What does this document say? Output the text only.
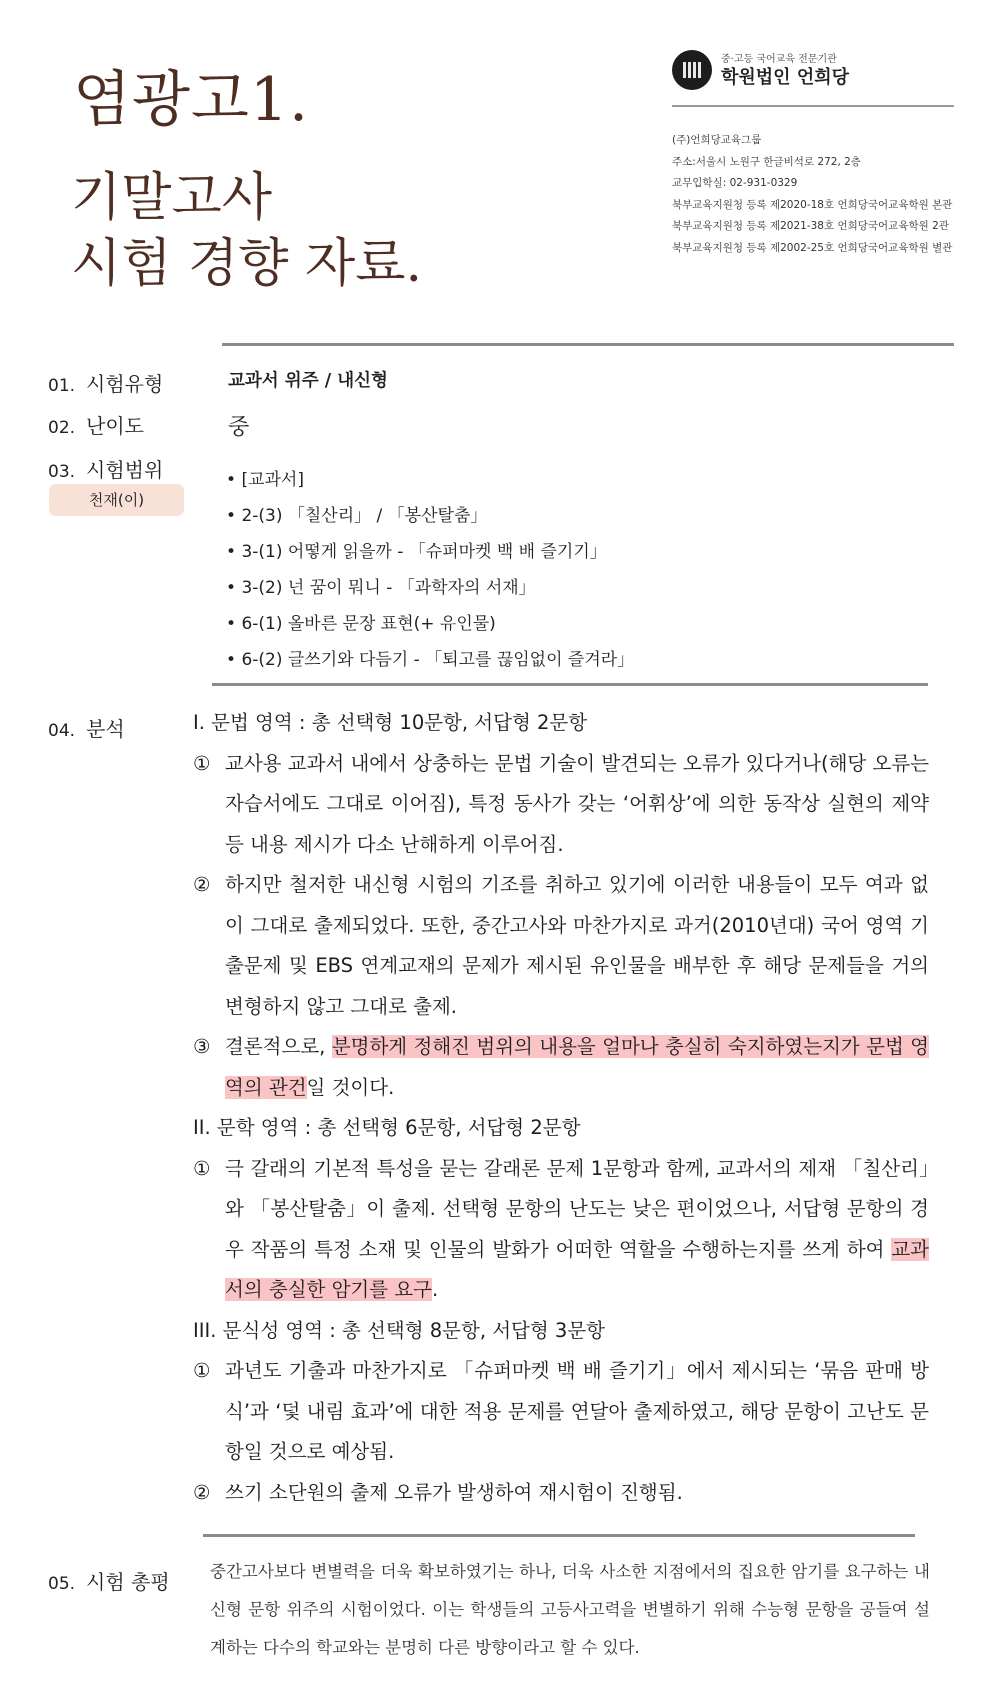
염광고1.
기말고사
시험 경향 자료.
중·고등 국어교육 전문기관
학원법인 언희당
(주)언희당교육그룹
주소:서울시 노원구 한글비석로 272, 2층
교무입학실: 02-931-0329
북부교육지원청 등록 제2020-18호 언희당국어교육학원 본관
북부교육지원청 등록 제2021-38호 언희당국어교육학원 2관
북부교육지원청 등록 제2002-25호 언희당국어교육학원 별관
01. 시험유형	교과서 위주 / 내신형
02. 난이도	중
03. 시험범위
천재(이)
• [교과서]
• 2-(3) 「칠산리」 / 「봉산탈춤」
• 3-(1) 어떻게 읽을까 - 「슈퍼마켓 백 배 즐기기」
• 3-(2) 넌 꿈이 뭐니 - 「과학자의 서재」
• 6-(1) 올바른 문장 표현(+ 유인물)
• 6-(2) 글쓰기와 다듬기 - 「퇴고를 끊임없이 즐겨라」
04. 분석	I. 문법 영역 : 총 선택형 10문항, 서답형 2문항
① 교사용 교과서 내에서 상충하는 문법 기술이 발견되는 오류가 있다거나(해당 오류는 자습서에도 그대로 이어짐), 특정 동사가 갖는 ‘어휘상’에 의한 동작상 실현의 제약 등 내용 제시가 다소 난해하게 이루어짐.
② 하지만 철저한 내신형 시험의 기조를 취하고 있기에 이러한 내용들이 모두 여과 없이 그대로 출제되었다. 또한, 중간고사와 마찬가지로 과거(2010년대) 국어 영역 기출문제 및 EBS 연계교재의 문제가 제시된 유인물을 배부한 후 해당 문제들을 거의 변형하지 않고 그대로 출제.
③ 결론적으로, 분명하게 정해진 범위의 내용을 얼마나 충실히 숙지하였는지가 문법 영역의 관건일 것이다.
II. 문학 영역 : 총 선택형 6문항, 서답형 2문항
① 극 갈래의 기본적 특성을 묻는 갈래론 문제 1문항과 함께, 교과서의 제재 「칠산리」와 「봉산탈춤」이 출제. 선택형 문항의 난도는 낮은 편이었으나, 서답형 문항의 경우 작품의 특정 소재 및 인물의 발화가 어떠한 역할을 수행하는지를 쓰게 하여 교과서의 충실한 암기를 요구.
III. 문식성 영역 : 총 선택형 8문항, 서답형 3문항
① 과년도 기출과 마찬가지로 「슈퍼마켓 백 배 즐기기」에서 제시되는 ‘묶음 판매 방식’과 ‘덫 내림 효과’에 대한 적용 문제를 연달아 출제하였고, 해당 문항이 고난도 문항일 것으로 예상됨.
② 쓰기 소단원의 출제 오류가 발생하여 재시험이 진행됨.
05. 시험 총평 중간고사보다 변별력을 더욱 확보하였기는 하나, 더욱 사소한 지점에서의 집요한 암기를 요구하는 내신형 문항 위주의 시험이었다. 이는 학생들의 고등사고력을 변별하기 위해 수능형 문항을 공들여 설계하는 다수의 학교와는 분명히 다른 방향이라고 할 수 있다.
